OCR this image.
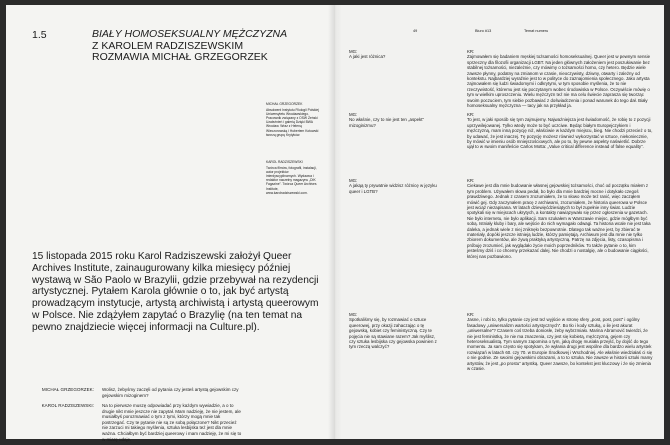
1.5	BIAŁY HOMOSEKSUALNY MĘŻCZYZNA
Z KAROLEM RADZISZEWSKIM ROZMAWIA MICHAŁ GRZEGORZEK
MICHAŁ GRZEGORZEK
Absolwent Instytutu Filologii Polskiej Uniwersytetu Wrocławskiego. Pracownik związany z OSW Żeński Uzależnień i galerią Dzięki BWA Wrocław. Wraz z Heleną Wieczorowską i Hubertem Kotowski tworzą grupę Krytyków.
KAROL RADZISZEWSKI
Twórca filmów, fotografii, instalacji, autor projektów interdyscyplinarnych. Wydawca i redaktor naczelny magazynu „DIK Fagazine”. Twórca Queer Archives Institute, www.karolradziszewski.com.

15 listopada 2015 roku Karol Radziszewski założył Queer Archives Institute, zainaugurowany kilka miesięcy później wystawą w São Paolo w Brazylii, gdzie przebywał na rezydencji artystycznej. Pytałem Karola głównie o to, jak być artystą prowadzącym instytucje, artystą archiwistą i artystą queerowym w Polsce. Nie zdążyłem zapytać o Brazylię (na ten temat na pewno znajdziecie więcej informacji na Culture.pl).

MICHAŁ GRZEGORZEK: Wolisz, żebyśmy zaczęli od pytania czy jesteś artystą gejowskim czy gejowskim mizoginem?
KAROL RADZISZEWSKI: Na to pierwsze muszę odpowiadać przy każdym wywiadzie, a o to drugie nikt mnie jeszcze nie zapytał. Mam nadzieję, że nie jestem, ale musiałbyś porozmawiać o tym z tymi, którzy mogą mnie tak postrzegać. Czy te pytanie nie są ze sobą połączone? Nikt przecież nie zarzuci mi takiego myślenia, sztuka lesbijska też jest dla mnie ważna. Chciałbym być bardziej queerowy i mam nadzieję, że mi się to w miarę udaje.
49	Biuro #13	Temat numeru
MG:
A jaki jest różnica?
KR:
Zajmowałem się badaniem męskiej tożsamości homoseksualnej. Queer jest w pewnym sensie sprzeczny dla filozofii organizacji LGBT. Na jeden głównych założeniem jest poszukiwanie bez stabilnej tożsamości, niezależnie, czy mówimy o tożsamości homo, czy hetero. Będzie wiele zawsze płynny, podatny na zmianom w czasie, nieoczywisty, dziwny, otwarty i zależny od kontekstu. Najbardziej wyraźnie jest to w polityce do zaznajomienia społecznego. Jako artysta zajmowałem się ludzi świadomymi i odkrytymi, w tym sposobie myślenia, że to nie rzeczywistość, któremu jest się poczytanym wobec środowiska w Polsce. Oczywiście mówię o tym w wielkim uproszczeniu. Wielu mężczyzn też nie ma celu świecie zaprasza się tworząc swoim poczuciem, tym siebie pozbawiać z doświadczenia i ponad warunek do tego dał. Biały homoseksualny mężczyzna — tacy jak na przykład ja.
MG:
No właśnie, czy to nie jest ten „aspekt” mizoginizmu?
KR:
To jest, w jaki sposób się tym zajmujemy. Najważniejsza jest świadomość, że robię to z pozycji uprzywilejowanej. Tylko wtedy może to być uczciwe. Będąc białym Europejczykiem i mężczyzną, mam inną pozycję niż, właściwie w każdym miejscu, bieg. Nie chodzi przecież o to, by udawać, że jest inaczej. Tę pozycję możesz również wykorzystać w sztuce, niekoniecznie, by mówić w imieniu osób mniejszościowych, ale po to, by pewne aspekty naświetlić. Dobrze ujął to w swoim manifeście Carlos Motta: „Value critical difference instead of false equality”.
MG:
A jakąą ty prywatnie widzisz różnicę w języku queer i LGTB?
KR:
Ciekawe jest dla mnie budowanie własnej gejowskiej tożsamości, choć od początku miałem z tym problem. Używałem słowa pedał, bo było dla mnie bardziej mocne i dotykało czegoś prawdziwego. Jednak z czasem zrozumiałem, że to słowo może też ranić, więc zacząłem mówić gej. Gdy zaczynałem pracę z archiwami, zrozumiałem, że historia queerowa w Polsce jest wciąż niezapisana. W latach dziewięćdziesiątych to był zupełnie inny świat. Ludzie spotykali się w miejscach ukrytych, a kontakty nawiązywało się przez ogłoszenia w gazetach. Nie było internetu, nie było aplikacji. Sam szukałem w Warszawie miejsc, gdzie mógłbym być sobą. Istniały kluby i bary, ale wejście do nich wymagało odwagi. Ta historia wcale nie jest taka daleka, a jednak wiele z niej zniknęło bezpowrotnie. Dlatego tak ważne jest, by zbierać te materiały, dopóki jeszcze istnieją ludzie, którzy pamiętają. Archiwum jest dla mnie nie tylko zbiorem dokumentów, ale żywą praktyką artystyczną. Patrzę na zdjęcia, listy, czasopisma i próbuję zrozumieć, jak wyglądało życie moich poprzedników. To także pytanie o to, kim jesteśmy dziś i co chcemy przekazać dalej. Nie chodzi o nostalgię, ale o budowanie ciągłości, której nas pozbawiono.
MG:
Spotkaliśmy się, by rozmawiać o sztuce queerowej, przy okazji zahaczając o tę gejowską, kobiet czy feministyczną. Czy te pojęcia nie są stawiane razem? Jak myślisz, czy sztuka lesbijska czy gejowska powinien z tym rzeczą walczyć?
KR:
Jasne, i robi to, tylko pytanie czy jest też wyjście w stronę sfery „post, post, post” i ogólny fasadowy „uniwersalizm wartości artystycznych”. Bo tło i kody sztuką, o ile jest akurat „uniwersalne”? Czasem coś trzeba doniosłe, żeby wybrzmiało. Marina Abramović twierdzi, że nie jest feministką, że nie ma znaczenia, czy jest się kobietą, mężczyzną, gejem czy heteroseksualistą. Tym samym zapomina o tym, jaką drogę musiała przejść, by dojść do tego momentu. Ja sam często się spotykam, że wyłania drugi jest wspólne dla bardzo wielu artystek rozwiązań w latach 60. czy 70. w Europie Środkowej i Wschodniej. Ale właśnie wiedziałaś ci się o nie godnie. Ze swoimi gejowskimi obrazami, a to to sztuka. Nie zawsze w historii sztuki mamy artystów, że jest „po prostu” artystką. Queer zawsze, bo kontekst jest kluczowy i że się zmienia w czasie.
